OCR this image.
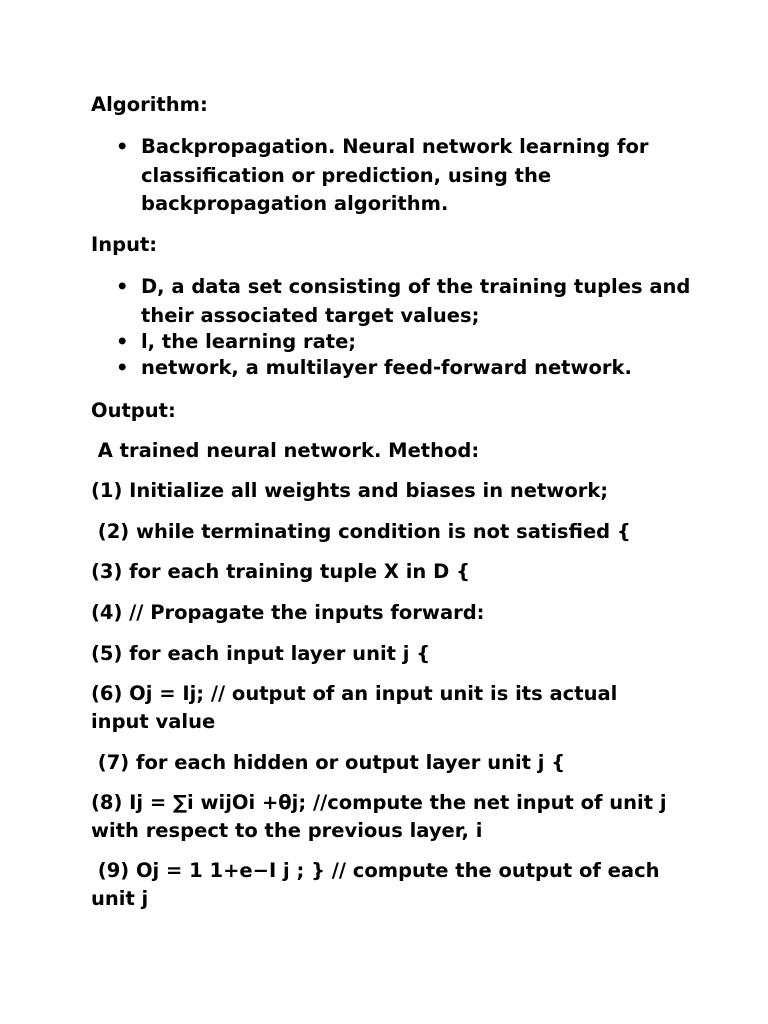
Algorithm:
• Backpropagation. Neural network learning for classification or prediction, using the backpropagation algorithm.
Input:
• D, a data set consisting of the training tuples and their associated target values;
• l, the learning rate;
• network, a multilayer feed-forward network.
Output:

A trained neural network. Method:

(1) Initialize all weights and biases in network;

(2) while terminating condition is not satisfied {

(3) for each training tuple X in D {

(4) // Propagate the inputs forward:

(5) for each input layer unit j {

(6) Oj = Ij; // output of an input unit is its actual input value

(7) for each hidden or output layer unit j {

(8) Ij = ∑i wijOi +θj; //compute the net input of unit j with respect to the previous layer, i

(9) Oj = 1 1+e−I j ; } // compute the output of each unit j
